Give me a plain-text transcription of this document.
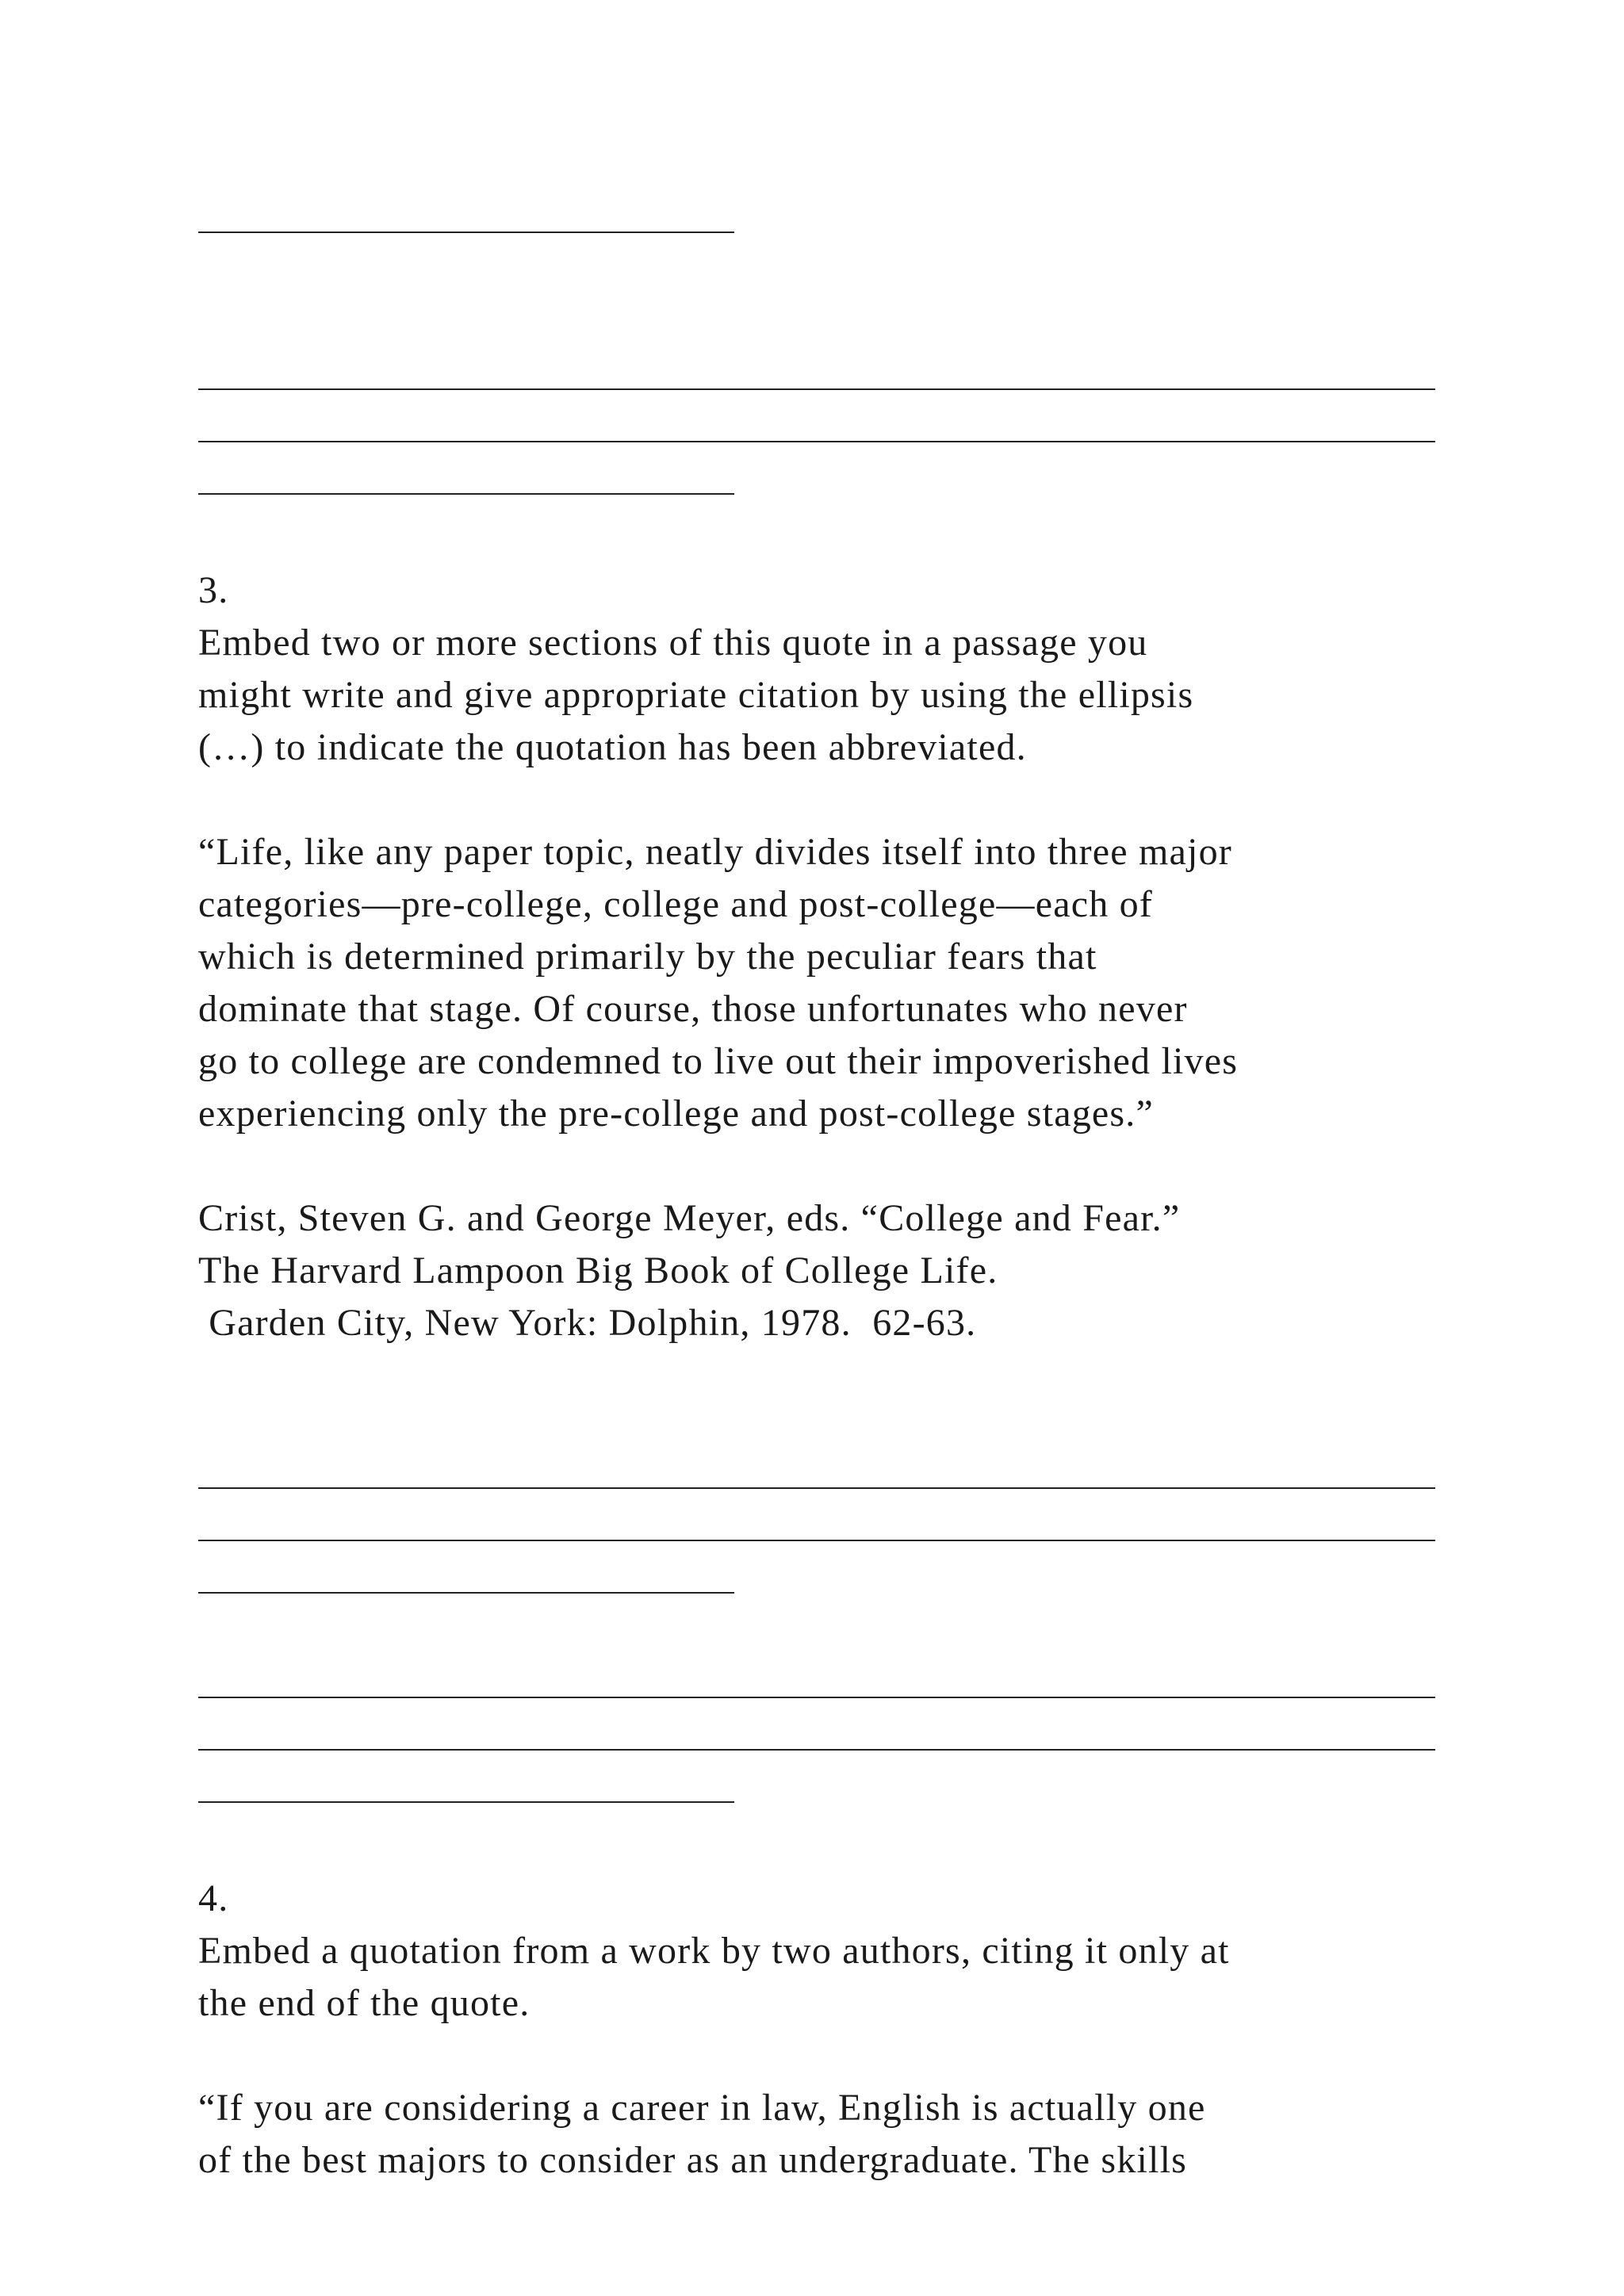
3.
Embed two or more sections of this quote in a passage you
might write and give appropriate citation by using the ellipsis
(…) to indicate the quotation has been abbreviated.
“Life, like any paper topic, neatly divides itself into three major
categories—pre-college, college and post-college—each of
which is determined primarily by the peculiar fears that
dominate that stage. Of course, those unfortunates who never
go to college are condemned to live out their impoverished lives
experiencing only the pre-college and post-college stages.”
Crist, Steven G. and George Meyer, eds. “College and Fear.”
The Harvard Lampoon Big Book of College Life.
Garden City, New York: Dolphin, 1978.  62-63.
4.
Embed a quotation from a work by two authors, citing it only at
the end of the quote.
“If you are considering a career in law, English is actually one
of the best majors to consider as an undergraduate. The skills
